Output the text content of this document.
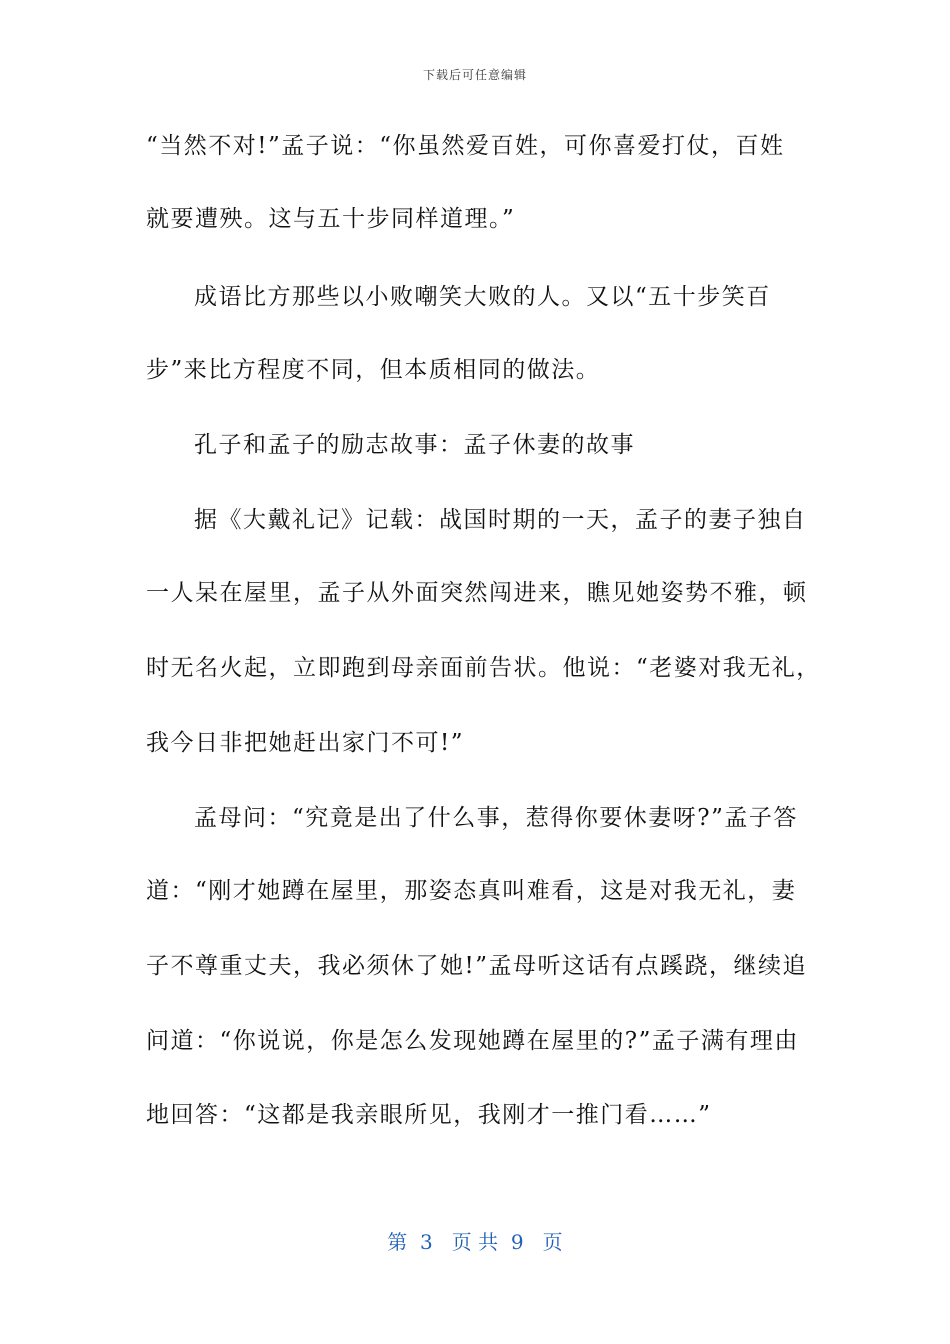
下载后可任意编辑
“当然不对!”孟子说：“你虽然爱百姓，可你喜爱打仗，百姓
就要遭殃。这与五十步同样道理。”
成语比方那些以小败嘲笑大败的人。又以“五十步笑百
步”来比方程度不同，但本质相同的做法。
孔子和孟子的励志故事：孟子休妻的故事
据《大戴礼记》记载：战国时期的一天，孟子的妻子独自
一人呆在屋里，孟子从外面突然闯进来，瞧见她姿势不雅，顿
时无名火起，立即跑到母亲面前告状。他说：“老婆对我无礼，
我今日非把她赶出家门不可!”
孟母问：“究竟是出了什么事，惹得你要休妻呀?”孟子答
道：“刚才她蹲在屋里，那姿态真叫难看，这是对我无礼，妻
子不尊重丈夫，我必须休了她!”孟母听这话有点蹊跷，继续追
问道：“你说说，你是怎么发现她蹲在屋里的?”孟子满有理由
地回答：“这都是我亲眼所见，我刚才一推门看……”
第  3   页 共  9   页
